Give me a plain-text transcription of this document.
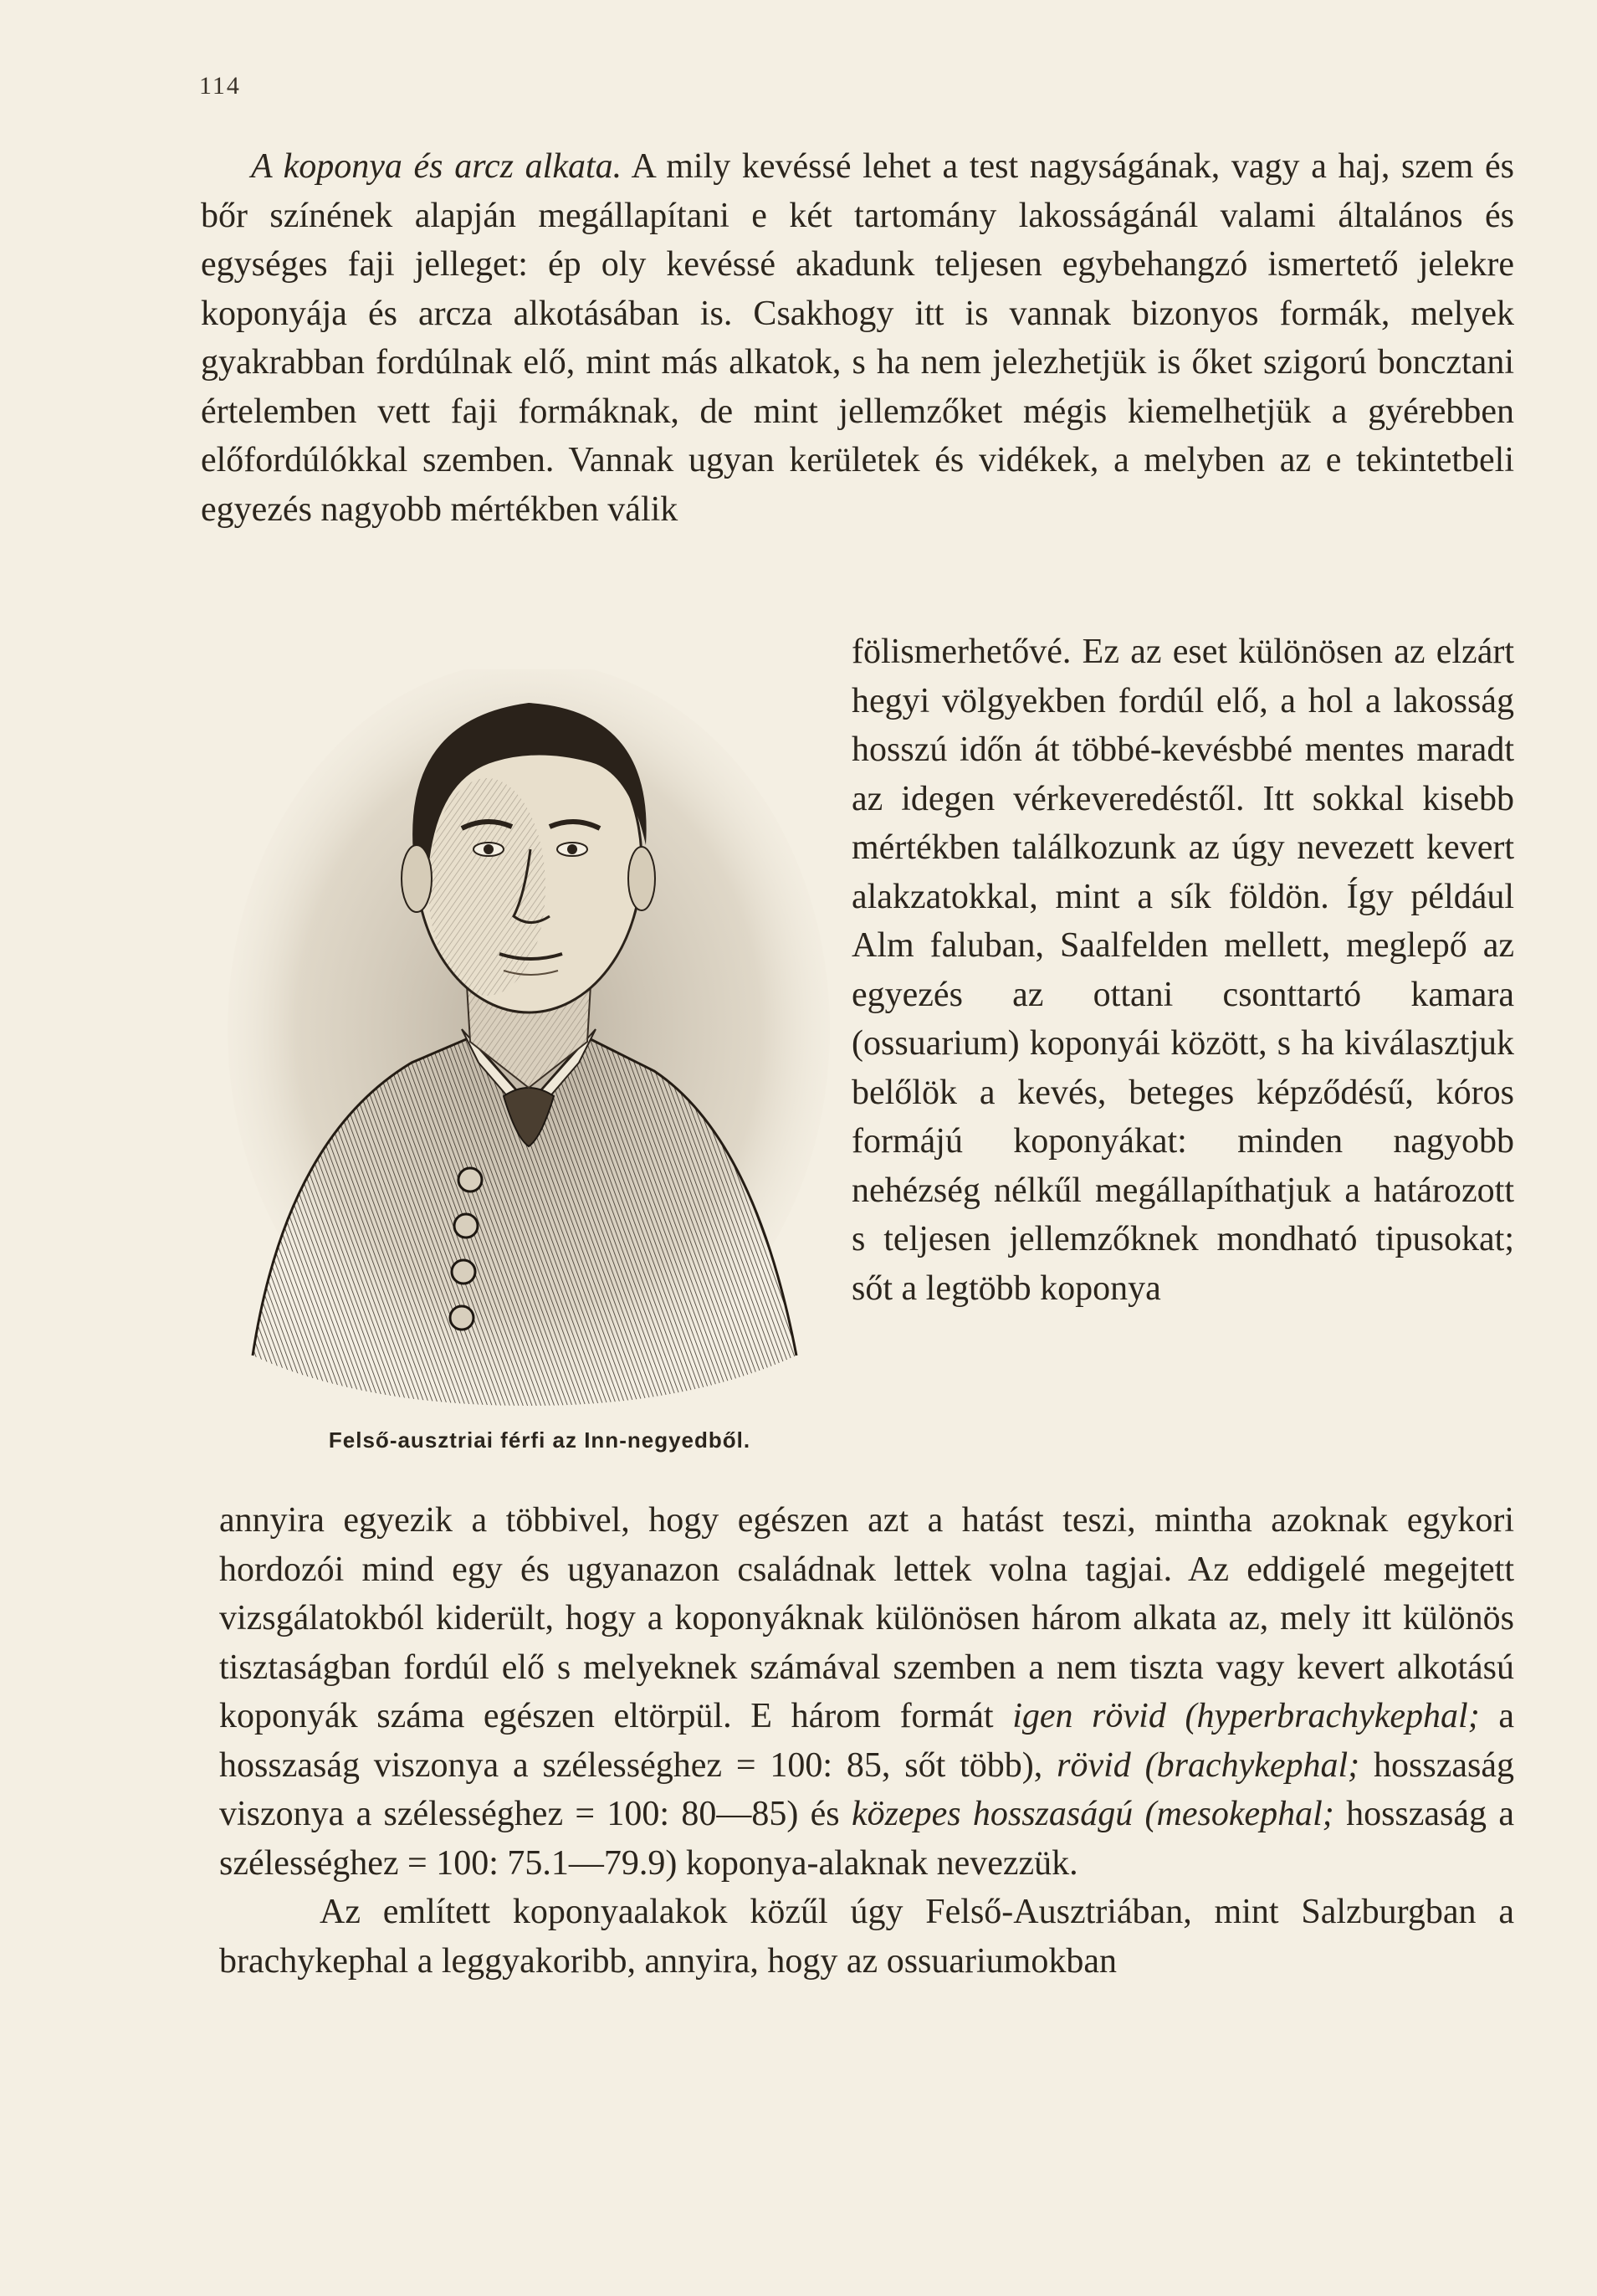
114

A koponya és arcz alkata. A mily kevéssé lehet a test nagyságának, vagy a haj, szem és bőr színének alapján megállapítani e két tartomány lakosságánál valami általános és egységes faji jelleget: ép oly kevéssé akadunk teljesen egybehangzó ismertető jelekre koponyája és arcza alkotásában is. Csakhogy itt is vannak bizonyos formák, melyek gyakrabban fordúlnak elő, mint más alkatok, s ha nem jelezhetjük is őket szigorú boncztani értelemben vett faji formáknak, de mint jellemzőket mégis kiemelhetjük a gyérebben előfordúlókkal szemben. Vannak ugyan kerületek és vidékek, a melyben az e tekintetbeli egyezés nagyobb mértékben válik

Felső-ausztriai férfi az Inn-negyedből.

fölismerhetővé. Ez az eset különösen az elzárt hegyi völgyekben fordúl elő, a hol a lakosság hosszú időn át többé-kevésbbé mentes maradt az idegen vérkeveredéstől. Itt sokkal kisebb mértékben találkozunk az úgy nevezett kevert alakzatokkal, mint a sík földön. Így például Alm faluban, Saalfelden mellett, meglepő az egyezés az ottani csonttartó kamara (ossuarium) koponyái között, s ha kiválasztjuk belőlök a kevés, beteges képződésű, kóros formájú koponyákat: minden nagyobb nehézség nélkűl megállapíthatjuk a határozott s teljesen jellemzőknek mondható tipusokat; sőt a legtöbb koponya

annyira egyezik a többivel, hogy egészen azt a hatást teszi, mintha azoknak egykori hordozói mind egy és ugyanazon családnak lettek volna tagjai. Az eddigelé megejtett vizsgálatokból kiderült, hogy a koponyáknak különösen három alkata az, mely itt különös tisztaságban fordúl elő s melyeknek számával szemben a nem tiszta vagy kevert alkotású koponyák száma egészen eltörpül. E három formát igen rövid (hyperbrachykephal; a hosszaság viszonya a szélességhez = 100: 85, sőt több), rövid (brachykephal; hosszaság viszonya a szélességhez = 100: 80—85) és közepes hosszaságú (mesokephal; hosszaság a szélességhez = 100: 75.1—79.9) koponya-alaknak nevezzük.

Az említett koponyaalakok közűl úgy Felső-Ausztriában, mint Salzburgban a brachykephal a leggyakoribb, annyira, hogy az ossuariumokban
